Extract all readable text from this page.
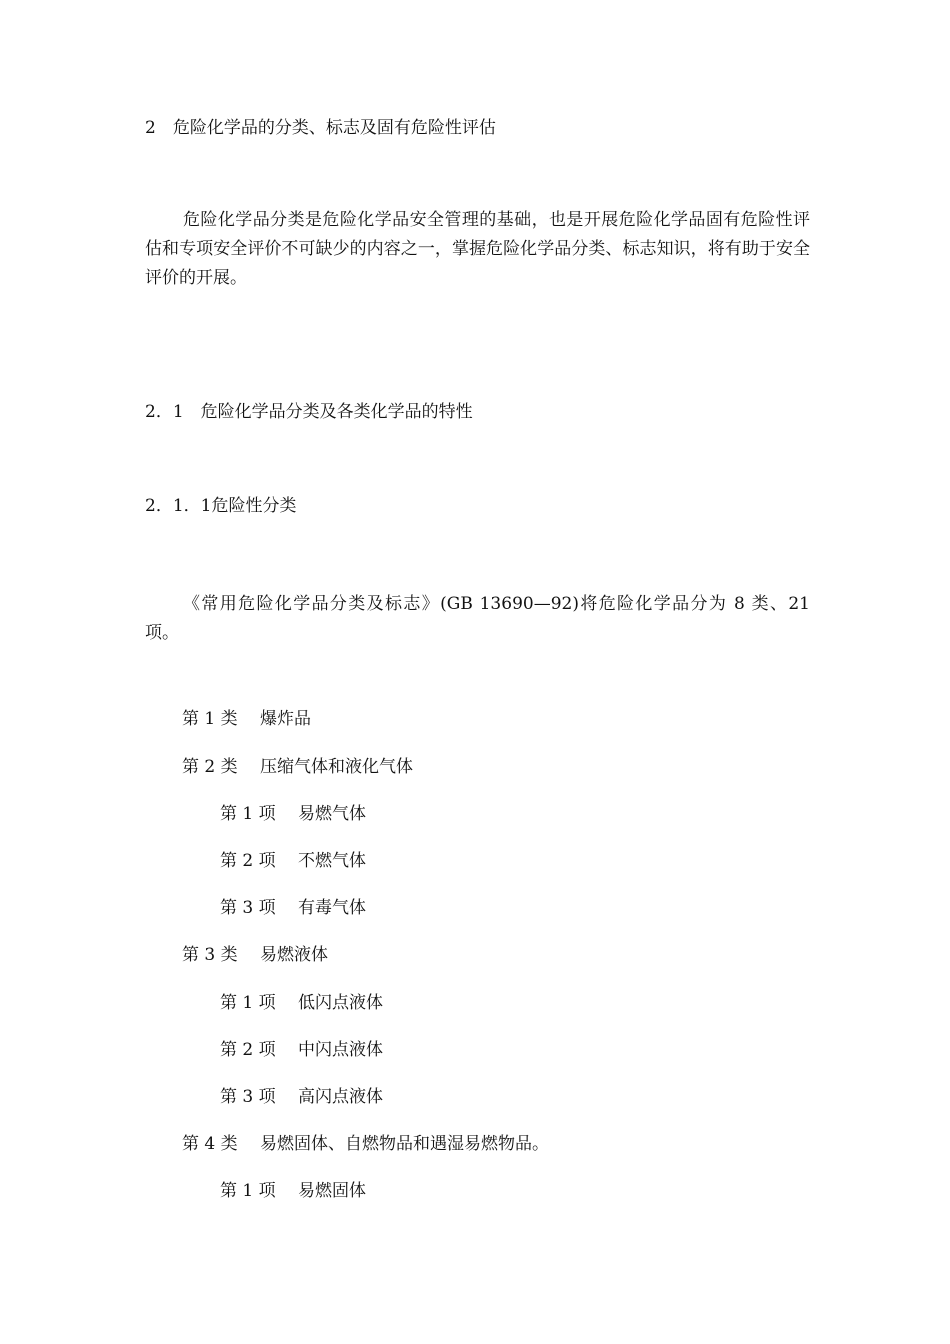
2　危险化学品的分类、标志及固有危险性评估
危险化学品分类是危险化学品安全管理的基础，也是开展危险化学品固有危险性评估和专项安全评价不可缺少的内容之一，掌握危险化学品分类、标志知识，将有助于安全评价的开展。
2．1　危险化学品分类及各类化学品的特性
2．1．1危险性分类
《常用危险化学品分类及标志》(GB 13690—92)将危险化学品分为 8 类、21 项。
第 1 类 爆炸品
第 2 类 压缩气体和液化气体
第 1 项 易燃气体
第 2 项 不燃气体
第 3 项 有毒气体
第 3 类 易燃液体
第 1 项 低闪点液体
第 2 项 中闪点液体
第 3 项 高闪点液体
第 4 类 易燃固体、自燃物品和遇湿易燃物品。
第 1 项 易燃固体
